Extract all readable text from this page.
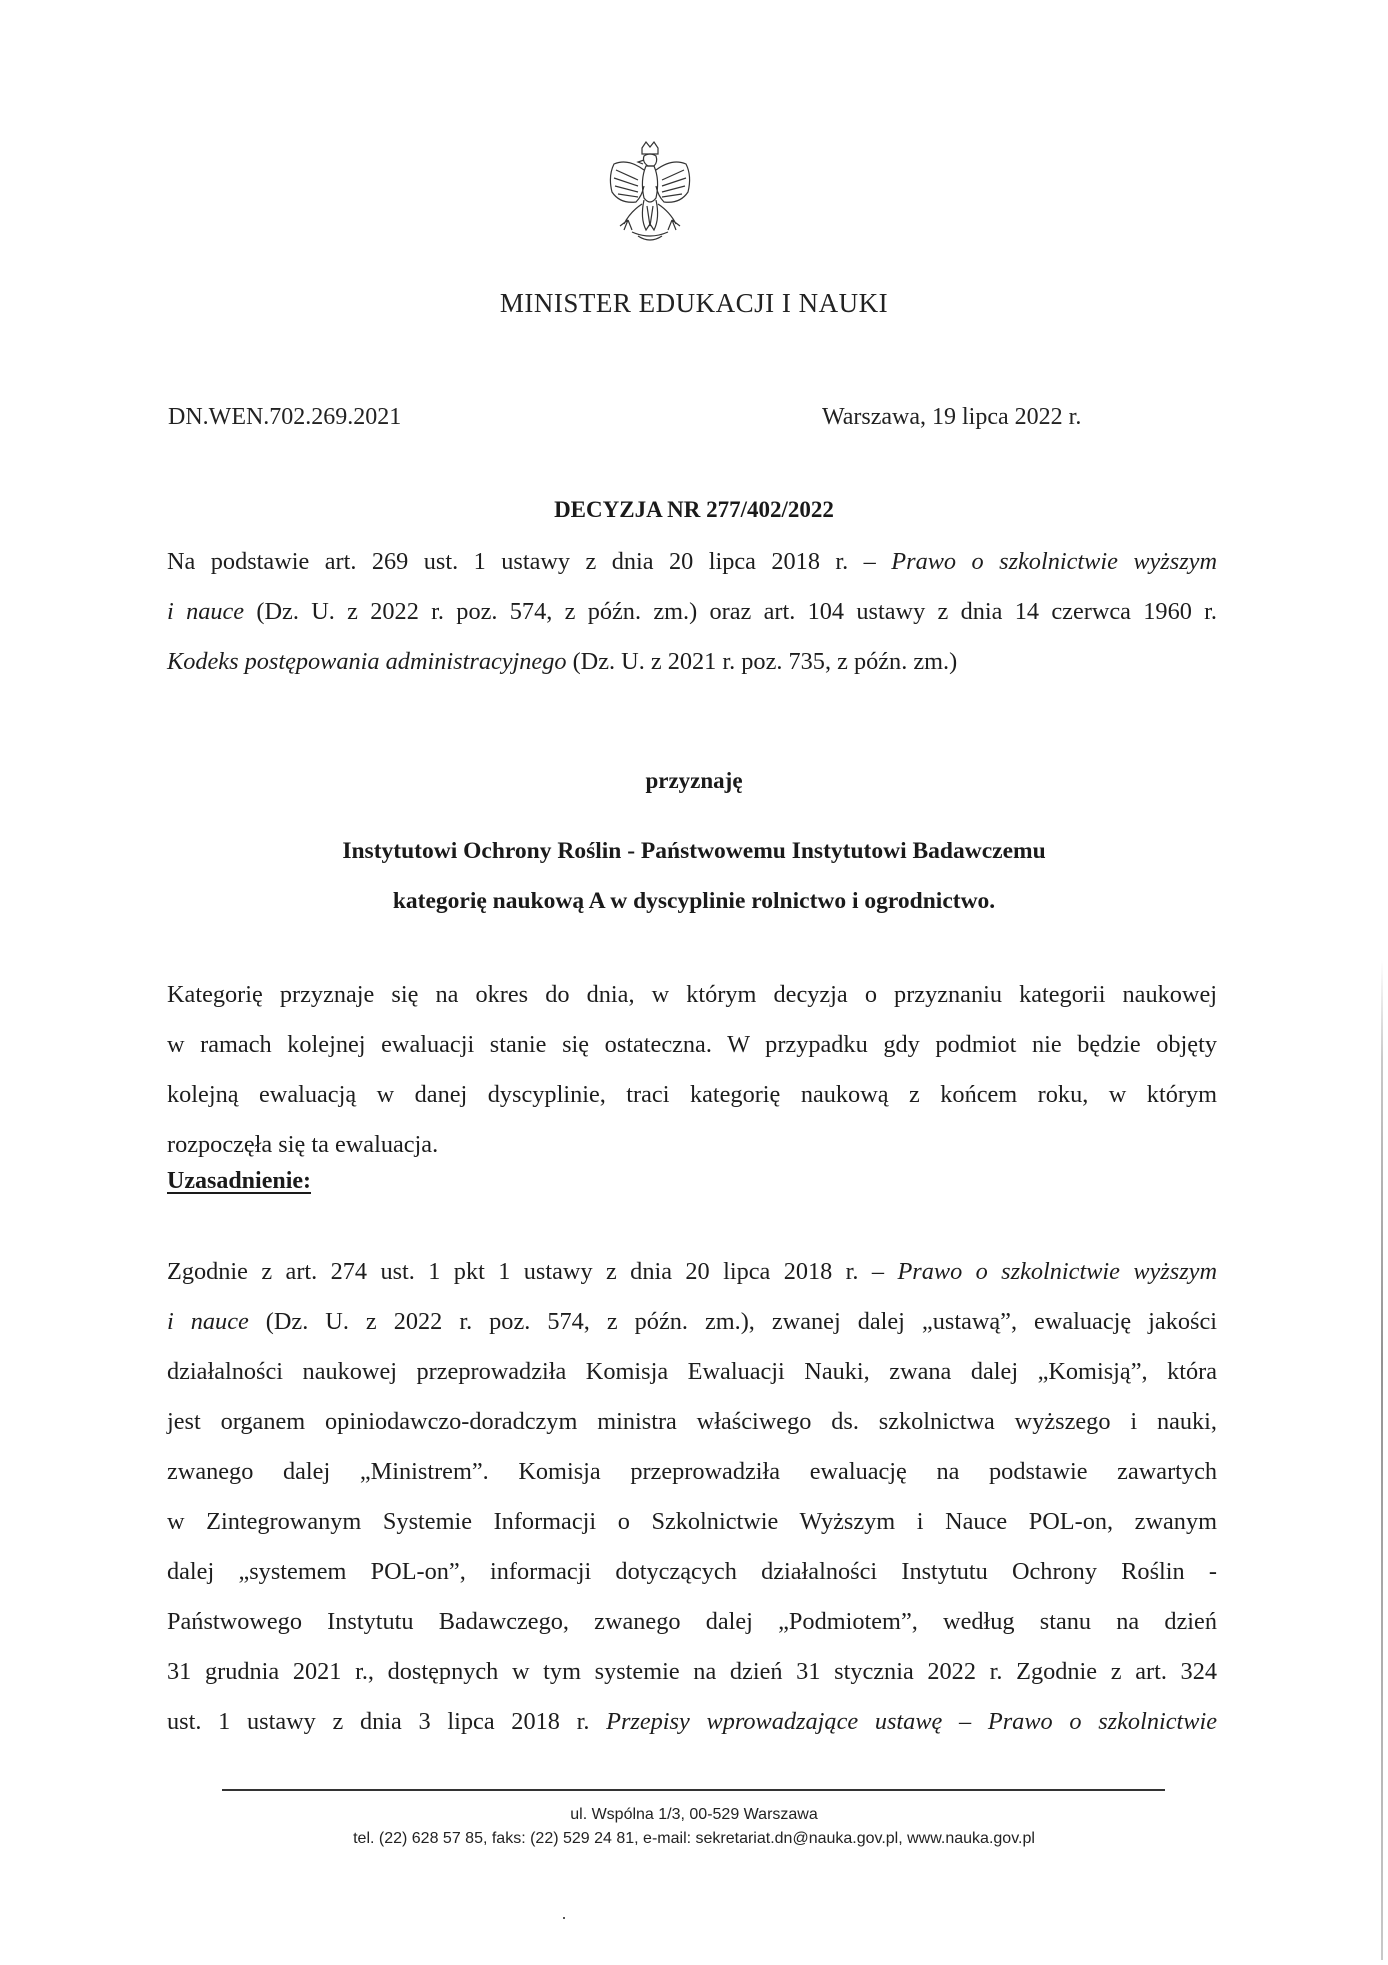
MINISTER EDUKACJI I NAUKI
DN.WEN.702.269.2021	Warszawa, 19 lipca 2022 r.
DECYZJA NR 277/402/2022
Na podstawie art. 269 ust. 1 ustawy z dnia 20 lipca 2018 r. – Prawo o szkolnictwie wyższym
i nauce (Dz. U. z 2022 r. poz. 574, z późn. zm.) oraz art. 104 ustawy z dnia 14 czerwca 1960 r.
Kodeks postępowania administracyjnego (Dz. U. z 2021 r. poz. 735, z późn. zm.)
przyznaję
Instytutowi Ochrony Roślin - Państwowemu Instytutowi Badawczemu
kategorię naukową A w dyscyplinie rolnictwo i ogrodnictwo.
Kategorię przyznaje się na okres do dnia, w którym decyzja o przyznaniu kategorii naukowej
w ramach kolejnej ewaluacji stanie się ostateczna. W przypadku gdy podmiot nie będzie objęty
kolejną ewaluacją w danej dyscyplinie, traci kategorię naukową z końcem roku, w którym
rozpoczęła się ta ewaluacja.
Uzasadnienie:
Zgodnie z art. 274 ust. 1 pkt 1 ustawy z dnia 20 lipca 2018 r. – Prawo o szkolnictwie wyższym
i nauce (Dz. U. z 2022 r. poz. 574, z późn. zm.), zwanej dalej „ustawą”, ewaluację jakości
działalności naukowej przeprowadziła Komisja Ewaluacji Nauki, zwana dalej „Komisją”, która
jest organem opiniodawczo-doradczym ministra właściwego ds. szkolnictwa wyższego i nauki,
zwanego dalej „Ministrem”. Komisja przeprowadziła ewaluację na podstawie zawartych
w Zintegrowanym Systemie Informacji o Szkolnictwie Wyższym i Nauce POL-on, zwanym
dalej „systemem POL-on”, informacji dotyczących działalności Instytutu Ochrony Roślin -
Państwowego Instytutu Badawczego, zwanego dalej „Podmiotem”, według stanu na dzień
31 grudnia 2021 r., dostępnych w tym systemie na dzień 31 stycznia 2022 r. Zgodnie z art. 324
ust. 1 ustawy z dnia 3 lipca 2018 r. Przepisy wprowadzające ustawę – Prawo o szkolnictwie
ul. Wspólna 1/3, 00-529 Warszawa
tel. (22) 628 57 85, faks: (22) 529 24 81, e-mail: sekretariat.dn@nauka.gov.pl, www.nauka.gov.pl
